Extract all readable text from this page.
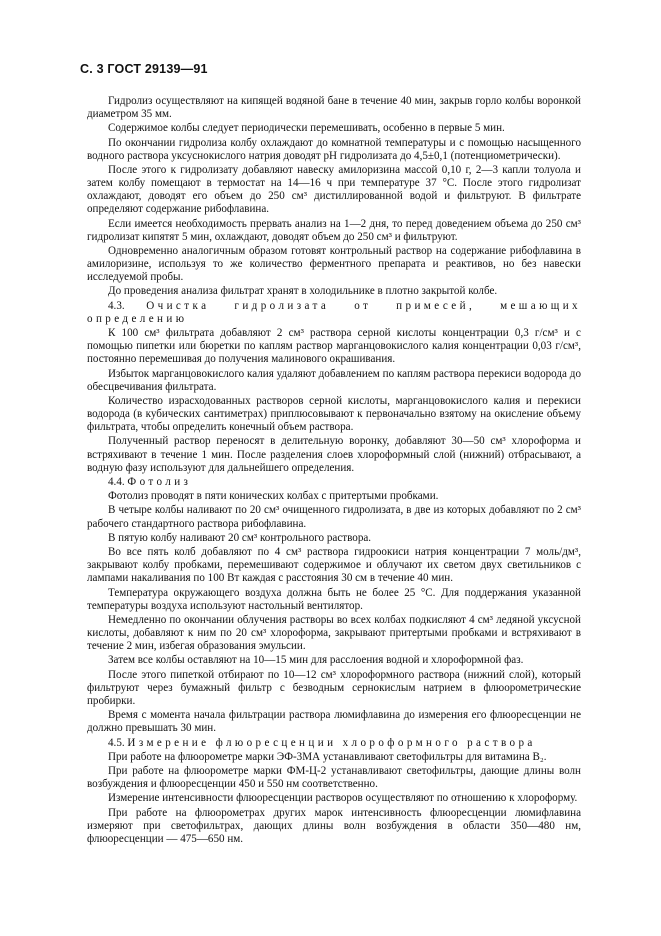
С. 3 ГОСТ 29139—91

Гидролиз осуществляют на кипящей водяной бане в течение 40 мин, закрыв горло колбы воронкой диаметром 35 мм.

Содержимое колбы следует периодически перемешивать, особенно в первые 5 мин.

По окончании гидролиза колбу охлаждают до комнатной температуры и с помощью насыщенного водного раствора уксуснокислого натрия доводят pH гидролизата до 4,5±0,1 (потенциометрически).

После этого к гидролизату добавляют навеску амилоризина массой 0,10 г, 2—3 капли толуола и затем колбу помещают в термостат на 14—16 ч при температуре 37 °С. После этого гидролизат охлаждают, доводят его объем до 250 см³ дистиллированной водой и фильтруют. В фильтрате определяют содержание рибофлавина.

Если имеется необходимость прервать анализ на 1—2 дня, то перед доведением объема до 250 см³ гидролизат кипятят 5 мин, охлаждают, доводят объем до 250 см³ и фильтруют.

Одновременно аналогичным образом готовят контрольный раствор на содержание рибофлавина в амилоризине, используя то же количество ферментного препарата и реактивов, но без навески исследуемой пробы.

До проведения анализа фильтрат хранят в холодильнике в плотно закрытой колбе.

4.3. Очистка гидролизата от примесей, мешающих определению

К 100 см³ фильтрата добавляют 2 см³ раствора серной кислоты концентрации 0,3 г/см³ и с помощью пипетки или бюретки по каплям раствор марганцовокислого калия концентрации 0,03 г/см³, постоянно перемешивая до получения малинового окрашивания.

Избыток марганцовокислого калия удаляют добавлением по каплям раствора перекиси водорода до обесцвечивания фильтрата.

Количество израсходованных растворов серной кислоты, марганцовокислого калия и перекиси водорода (в кубических сантиметрах) приплюсовывают к первоначально взятому на окисление объему фильтрата, чтобы определить конечный объем раствора.

Полученный раствор переносят в делительную воронку, добавляют 30—50 см³ хлороформа и встряхивают в течение 1 мин. После разделения слоев хлороформный слой (нижний) отбрасывают, а водную фазу используют для дальнейшего определения.

4.4. Фотолиз

Фотолиз проводят в пяти конических колбах с притертыми пробками.

В четыре колбы наливают по 20 см³ очищенного гидролизата, в две из которых добавляют по 2 см³ рабочего стандартного раствора рибофлавина.

В пятую колбу наливают 20 см³ контрольного раствора.

Во все пять колб добавляют по 4 см³ раствора гидроокиси натрия концентрации 7 моль/дм³, закрывают колбу пробками, перемешивают содержимое и облучают их светом двух светильников с лампами накаливания по 100 Вт каждая с расстояния 30 см в течение 40 мин.

Температура окружающего воздуха должна быть не более 25 °С. Для поддержания указанной температуры воздуха используют настольный вентилятор.

Немедленно по окончании облучения растворы во всех колбах подкисляют 4 см³ ледяной уксусной кислоты, добавляют к ним по 20 см³ хлороформа, закрывают притертыми пробками и встряхивают в течение 2 мин, избегая образования эмульсии.

Затем все колбы оставляют на 10—15 мин для расслоения водной и хлороформной фаз.

После этого пипеткой отбирают по 10—12 см³ хлороформного раствора (нижний слой), который фильтруют через бумажный фильтр с безводным сернокислым натрием в флюорометрические пробирки.

Время с момента начала фильтрации раствора люмифлавина до измерения его флюоресценции не должно превышать 30 мин.

4.5. Измерение флюоресценции хлороформного раствора

При работе на флюорометре марки ЭФ-3МА устанавливают светофильтры для витамина B₂.

При работе на флюорометре марки ФМ-Ц-2 устанавливают светофильтры, дающие длины волн возбуждения и флюоресценции 450 и 550 нм соответственно.

Измерение интенсивности флюоресценции растворов осуществляют по отношению к хлороформу.

При работе на флюорометрах других марок интенсивность флюоресценции люмифлавина измеряют при светофильтрах, дающих длины волн возбуждения в области 350—480 нм, флюоресценции — 475—650 нм.
